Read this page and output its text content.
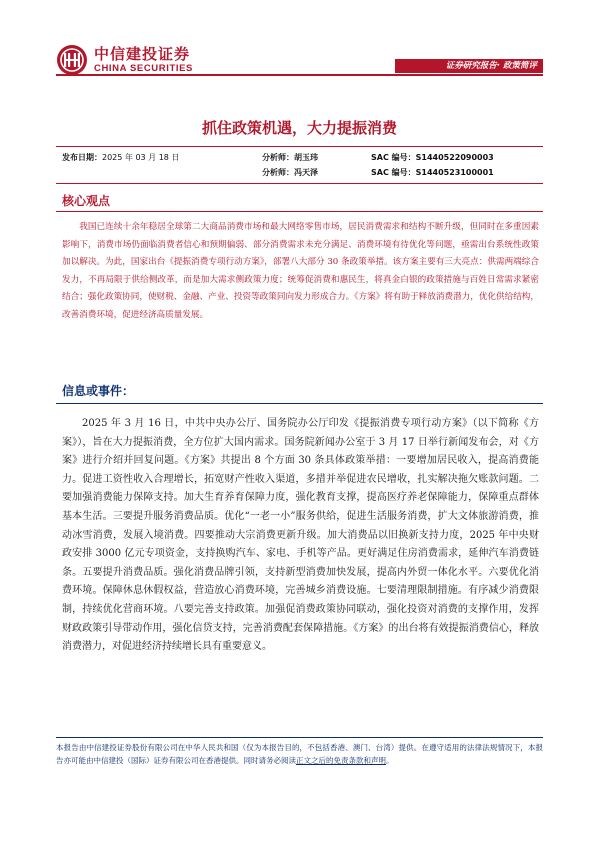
中信建投证券
CHINA SECURITIES	证券研究报告· 政策简评
抓住政策机遇，大力提振消费
发布日期：2025 年 03 月 18 日	分析师：胡玉玮
分析师：冯天泽
SAC 编号：S1440522090003
SAC 编号：S1440523100001
核心观点

我国已连续十余年稳居全球第二大商品消费市场和最大网络零售市场，居民消费需求和结构不断升级，但同时在多重因素影响下，消费市场仍面临消费者信心和预期偏弱、部分消费需求未充分满足、消费环境有待优化等问题，亟需出台系统性政策加以解决。为此，国家出台《提振消费专项行动方案》，部署八大部分 30 条政策举措。该方案主要有三大亮点：供需两端综合发力，不再局限于供给侧改革，而是加大需求侧政策力度；统筹促消费和惠民生，将真金白银的政策措施与百姓日常需求紧密结合；强化政策协同，使财税、金融、产业、投资等政策同向发力形成合力。《方案》将有助于释放消费潜力，优化供给结构，改善消费环境，促进经济高质量发展。

信息或事件：

2025 年 3 月 16 日，中共中央办公厅、国务院办公厅印发《提振消费专项行动方案》（以下简称《方案》），旨在大力提振消费，全方位扩大国内需求。国务院新闻办公室于 3 月 17 日举行新闻发布会，对《方案》进行介绍并回复问题。《方案》共提出 8 个方面 30 条具体政策举措：一要增加居民收入，提高消费能力。促进工资性收入合理增长，拓宽财产性收入渠道，多措并举促进农民增收，扎实解决拖欠账款问题。二要加强消费能力保障支持。加大生育养育保障力度，强化教育支撑，提高医疗养老保障能力，保障重点群体基本生活。三要提升服务消费品质。优化“一老一小”服务供给，促进生活服务消费，扩大文体旅游消费，推动冰雪消费，发展入境消费。四要推动大宗消费更新升级。加大消费品以旧换新支持力度，2025 年中央财政安排 3000 亿元专项资金，支持换购汽车、家电、手机等产品。更好满足住房消费需求，延伸汽车消费链条。五要提升消费品质。强化消费品牌引领，支持新型消费加快发展，提高内外贸一体化水平。六要优化消费环境。保障休息休假权益，营造放心消费环境，完善城乡消费设施。七要清理限制措施。有序减少消费限制，持续优化营商环境。八要完善支持政策。加强促消费政策协同联动，强化投资对消费的支撑作用，发挥财政政策引导带动作用，强化信贷支持，完善消费配套保障措施。《方案》的出台将有效提振消费信心，释放消费潜力，对促进经济持续增长具有重要意义。

本报告由中信建投证券股份有限公司在中华人民共和国（仅为本报告目的，不包括香港、澳门、台湾）提供。在遵守适用的法律法规情况下，本报告亦可能由中信建投（国际）证券有限公司在香港提供。同时请务必阅读正文之后的免责条款和声明。
